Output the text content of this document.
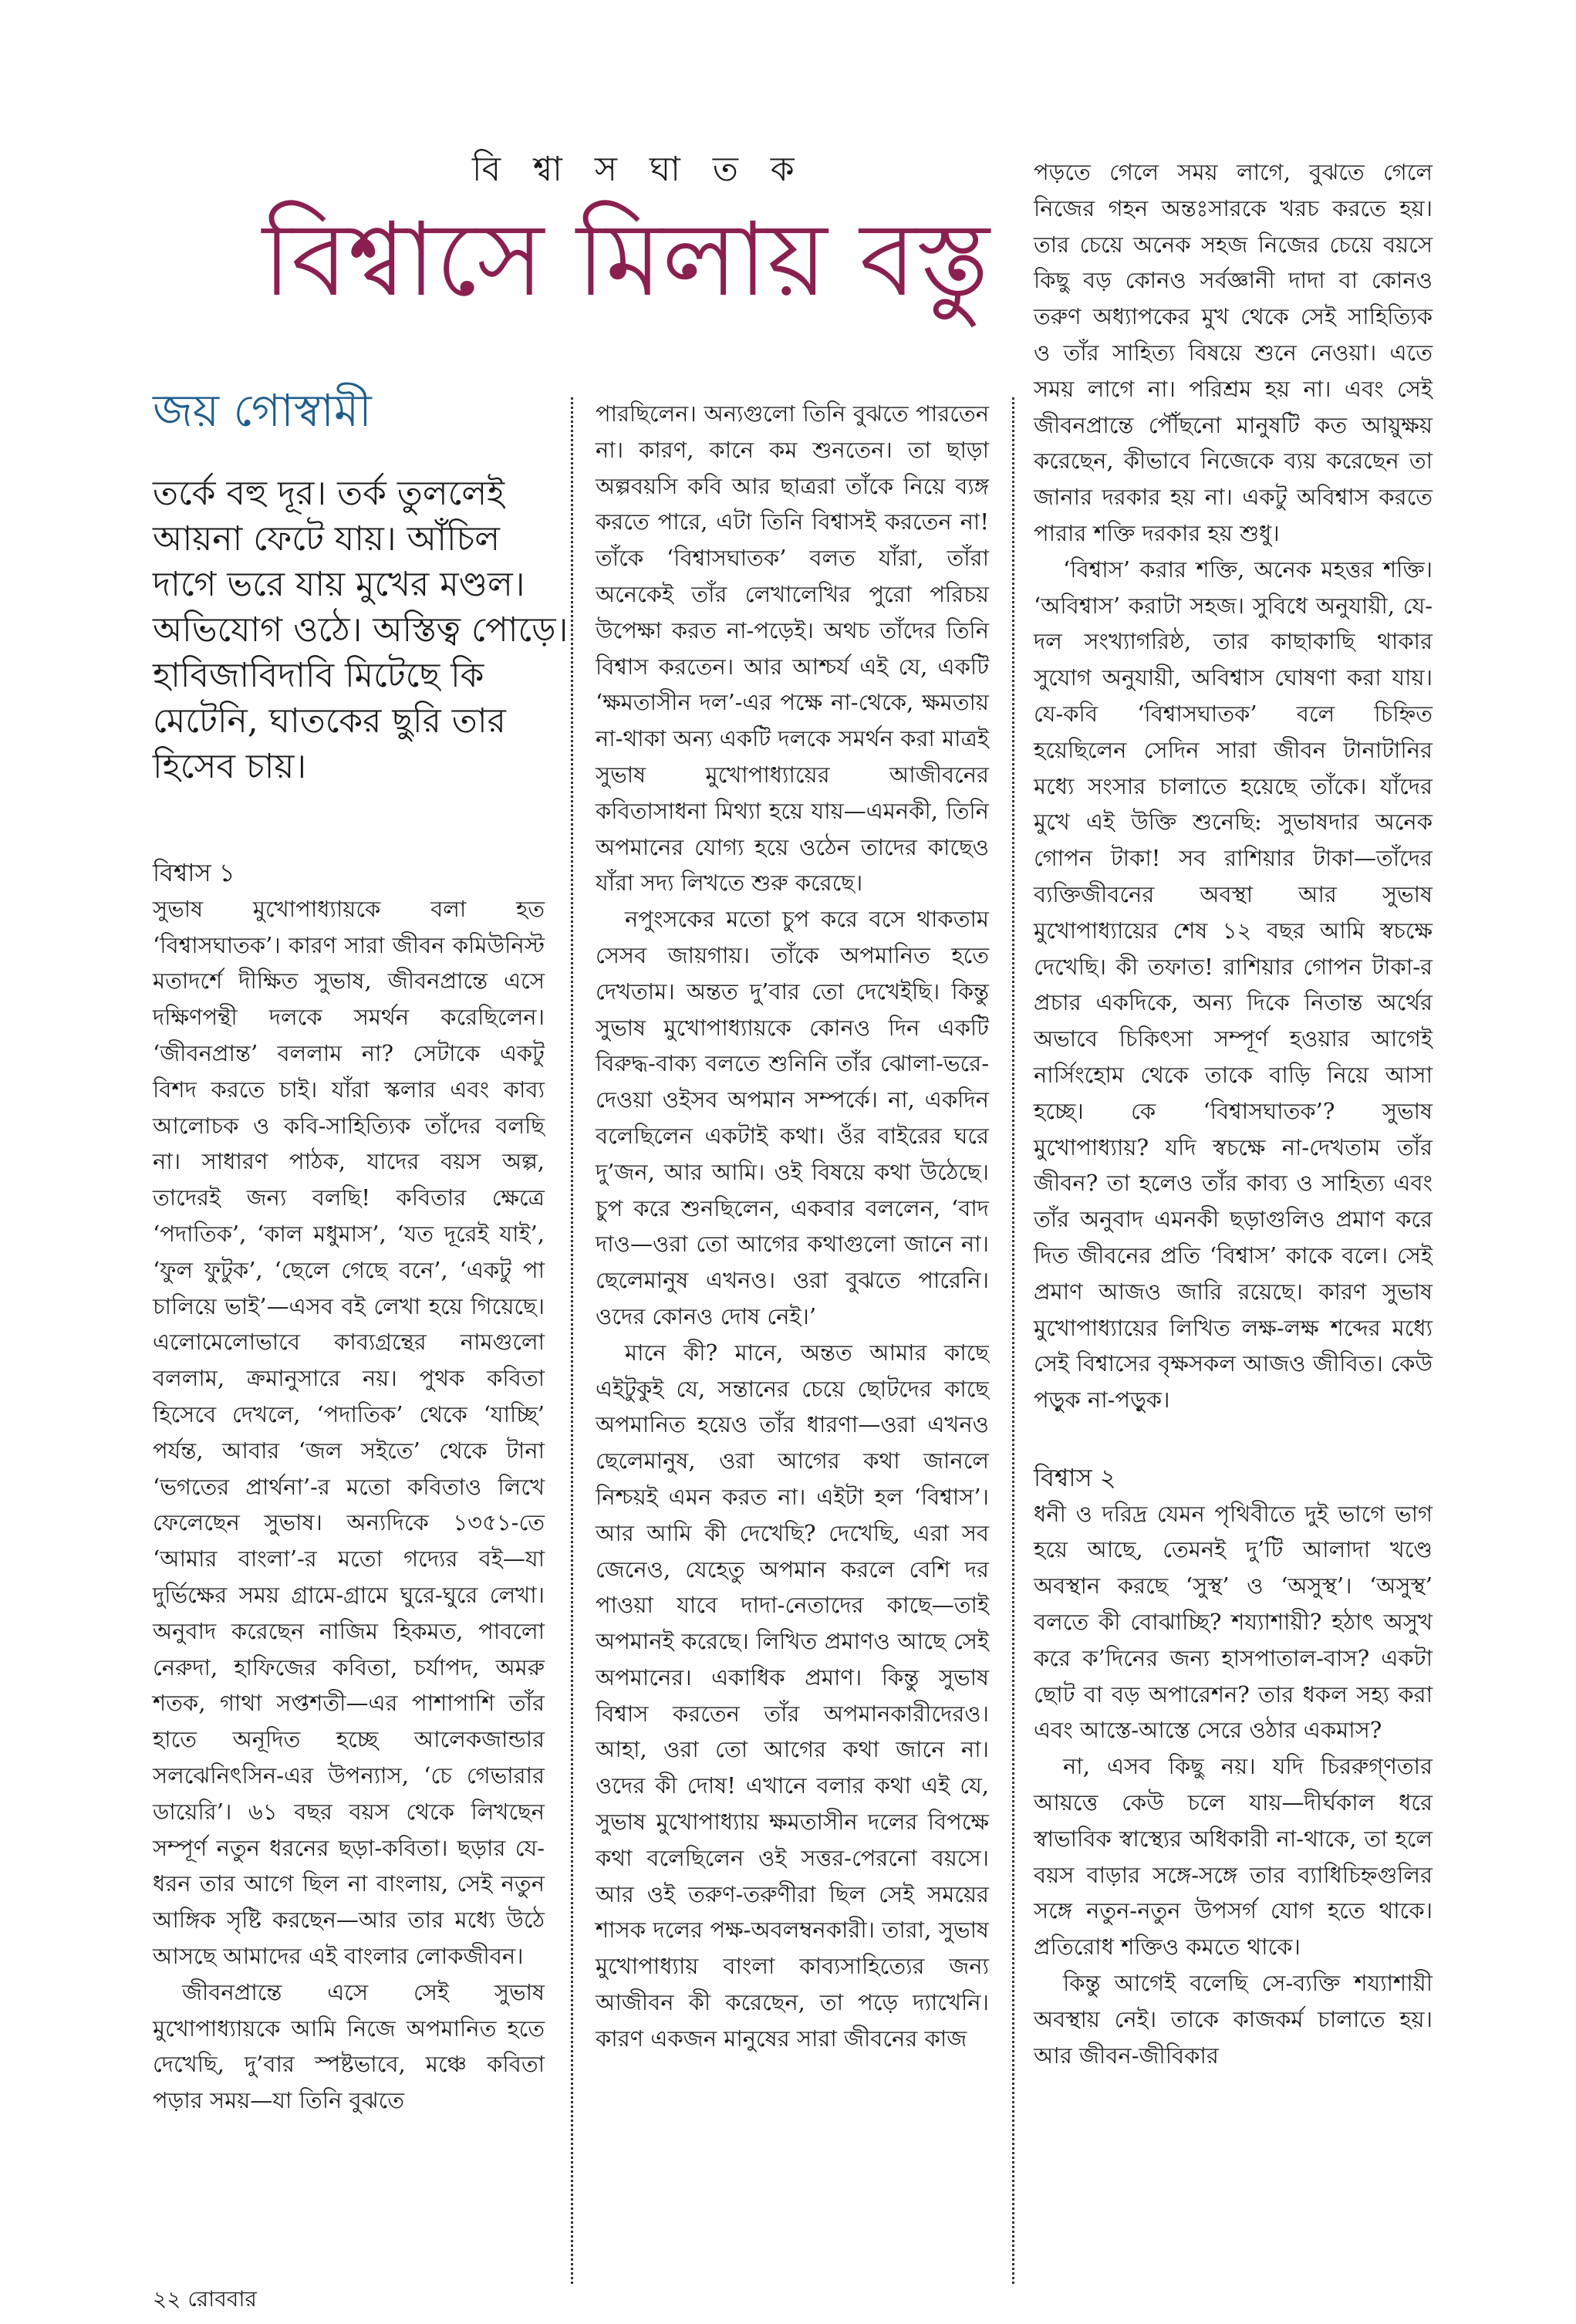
বি শ্বা স ঘা ত ক
বিশ্বাসে মিলায় বস্তু
জয় গোস্বামী

তর্কে বহু দূর। তর্ক তুললেই আয়না ফেটে যায়। আঁচিল দাগে ভরে যায় মুখের মণ্ডল। অভিযোগ ওঠে। অস্তিত্ব পোড়ে। হাবিজাবিদাবি মিটেছে কি মেটেনি, ঘাতকের ছুরি তার হিসেব চায়।

বিশ্বাস ১

সুভাষ মুখোপাধ্যায়কে বলা হত ‘বিশ্বাসঘাতক’। কারণ সারা জীবন কমিউনিস্ট মতাদর্শে দীক্ষিত সুভাষ, জীবনপ্রান্তে এসে দক্ষিণপন্থী দলকে সমর্থন করেছিলেন। ‘জীবনপ্রান্ত’ বললাম না? সেটাকে একটু বিশদ করতে চাই। যাঁরা স্কলার এবং কাব্য আলোচক ও কবি-সাহিত্যিক তাঁদের বলছি না। সাধারণ পাঠক, যাদের বয়স অল্প, তাদেরই জন্য বলছি! কবিতার ক্ষেত্রে ‘পদাতিক’, ‘কাল মধুমাস’, ‘যত দূরেই যাই’, ‘ফুল ফুটুক’, ‘ছেলে গেছে বনে’, ‘একটু পা চালিয়ে ভাই’—এসব বই লেখা হয়ে গিয়েছে। এলোমেলোভাবে কাব্যগ্রন্থের নামগুলো বললাম, ক্রমানুসারে নয়। পুথক কবিতা হিসেবে দেখলে, ‘পদাতিক’ থেকে ‘যাচ্ছি’ পর্যন্ত, আবার ‘জল সইতে’ থেকে টানা ‘ভগতের প্রার্থনা’-র মতো কবিতাও লিখে ফেলেছেন সুভাষ। অন্যদিকে ১৩৫১-তে ‘আমার বাংলা’-র মতো গদ্যের বই—যা দুর্ভিক্ষের সময় গ্রামে-গ্রামে ঘুরে-ঘুরে লেখা। অনুবাদ করেছেন নাজিম হিকমত, পাবলো নেরুদা, হাফিজের কবিতা, চর্যাপদ, অমরু শতক, গাথা সপ্তশতী—এর পাশাপাশি তাঁর হাতে অনূদিত হচ্ছে আলেকজান্ডার সলঝেনিৎসিন-এর উপন্যাস, ‘চে গেভারার ডায়েরি’। ৬১ বছর বয়স থেকে লিখছেন সম্পূর্ণ নতুন ধরনের ছড়া-কবিতা। ছড়ার যে-ধরন তার আগে ছিল না বাংলায়, সেই নতুন আঙ্গিক সৃষ্টি করছেন—আর তার মধ্যে উঠে আসছে আমাদের এই বাংলার লোকজীবন।

জীবনপ্রান্তে এসে সেই সুভাষ মুখোপাধ্যায়কে আমি নিজে অপমানিত হতে দেখেছি, দু’বার স্পষ্টভাবে, মঞ্চে কবিতা পড়ার সময়—যা তিনি বুঝতে

পারছিলেন। অন্যগুলো তিনি বুঝতে পারতেন না। কারণ, কানে কম শুনতেন। তা ছাড়া অল্পবয়সি কবি আর ছাত্ররা তাঁকে নিয়ে ব্যঙ্গ করতে পারে, এটা তিনি বিশ্বাসই করতেন না! তাঁকে ‘বিশ্বাসঘাতক’ বলত যাঁরা, তাঁরা অনেকেই তাঁর লেখালেখির পুরো পরিচয় উপেক্ষা করত না-পড়েই। অথচ তাঁদের তিনি বিশ্বাস করতেন। আর আশ্চর্য এই যে, একটি ‘ক্ষমতাসীন দল’-এর পক্ষে না-থেকে, ক্ষমতায় না-থাকা অন্য একটি দলকে সমর্থন করা মাত্রই সুভাষ মুখোপাধ্যায়ের আজীবনের কবিতাসাধনা মিথ্যা হয়ে যায়—এমনকী, তিনি অপমানের যোগ্য হয়ে ওঠেন তাদের কাছেও যাঁরা সদ্য লিখতে শুরু করেছে।

নপুংসকের মতো চুপ করে বসে থাকতাম সেসব জায়গায়। তাঁকে অপমানিত হতে দেখতাম। অন্তত দু’বার তো দেখেইছি। কিন্তু সুভাষ মুখোপাধ্যায়কে কোনও দিন একটি বিরুদ্ধ-বাক্য বলতে শুনিনি তাঁর ঝোলা-ভরে-দেওয়া ওইসব অপমান সম্পর্কে। না, একদিন বলেছিলেন একটাই কথা। ওঁর বাইরের ঘরে দু’জন, আর আমি। ওই বিষয়ে কথা উঠেছে। চুপ করে শুনছিলেন, একবার বললেন, ‘বাদ দাও—ওরা তো আগের কথাগুলো জানে না। ছেলেমানুষ এখনও। ওরা বুঝতে পারেনি। ওদের কোনও দোষ নেই।’

মানে কী? মানে, অন্তত আমার কাছে এইটুকুই যে, সন্তানের চেয়ে ছোটদের কাছে অপমানিত হয়েও তাঁর ধারণা—ওরা এখনও ছেলেমানুষ, ওরা আগের কথা জানলে নিশ্চয়ই এমন করত না। এইটা হল ‘বিশ্বাস’। আর আমি কী দেখেছি? দেখেছি, এরা সব জেনেও, যেহেতু অপমান করলে বেশি দর পাওয়া যাবে দাদা-নেতাদের কাছে—তাই অপমানই করেছে। লিখিত প্রমাণও আছে সেই অপমানের। একাধিক প্রমাণ। কিন্তু সুভাষ বিশ্বাস করতেন তাঁর অপমানকারীদেরও। আহা, ওরা তো আগের কথা জানে না। ওদের কী দোষ! এখানে বলার কথা এই যে, সুভাষ মুখোপাধ্যায় ক্ষমতাসীন দলের বিপক্ষে কথা বলেছিলেন ওই সত্তর-পেরনো বয়সে। আর ওই তরুণ-তরুণীরা ছিল সেই সময়ের শাসক দলের পক্ষ-অবলম্বনকারী। তারা, সুভাষ মুখোপাধ্যায় বাংলা কাব্যসাহিত্যের জন্য আজীবন কী করেছেন, তা পড়ে দ্যাখেনি। কারণ একজন মানুষের সারা জীবনের কাজ

পড়তে গেলে সময় লাগে, বুঝতে গেলে নিজের গহন অন্তঃসারকে খরচ করতে হয়। তার চেয়ে অনেক সহজ নিজের চেয়ে বয়সে কিছু বড় কোনও সর্বজ্ঞানী দাদা বা কোনও তরুণ অধ্যাপকের মুখ থেকে সেই সাহিত্যিক ও তাঁর সাহিত্য বিষয়ে শুনে নেওয়া। এতে সময় লাগে না। পরিশ্রম হয় না। এবং সেই জীবনপ্রান্তে পৌঁছনো মানুষটি কত আয়ুক্ষয় করেছেন, কীভাবে নিজেকে ব্যয় করেছেন তা জানার দরকার হয় না। একটু অবিশ্বাস করতে পারার শক্তি দরকার হয় শুধু।

‘বিশ্বাস’ করার শক্তি, অনেক মহত্তর শক্তি। ‘অবিশ্বাস’ করাটা সহজ। সুবিধে অনুযায়ী, যে-দল সংখ্যাগরিষ্ঠ, তার কাছাকাছি থাকার সুযোগ অনুযায়ী, অবিশ্বাস ঘোষণা করা যায়। যে-কবি ‘বিশ্বাসঘাতক’ বলে চিহ্নিত হয়েছিলেন সেদিন সারা জীবন টানাটানির মধ্যে সংসার চালাতে হয়েছে তাঁকে। যাঁদের মুখে এই উক্তি শুনেছি: সুভাষদার অনেক গোপন টাকা! সব রাশিয়ার টাকা—তাঁদের ব্যক্তিজীবনের অবস্থা আর সুভাষ মুখোপাধ্যায়ের শেষ ১২ বছর আমি স্বচক্ষে দেখেছি। কী তফাত! রাশিয়ার গোপন টাকা-র প্রচার একদিকে, অন্য দিকে নিতান্ত অর্থের অভাবে চিকিৎসা সম্পূর্ণ হওয়ার আগেই নার্সিংহোম থেকে তাকে বাড়ি নিয়ে আসা হচ্ছে। কে ‘বিশ্বাসঘাতক’? সুভাষ মুখোপাধ্যায়? যদি স্বচক্ষে না-দেখতাম তাঁর জীবন? তা হলেও তাঁর কাব্য ও সাহিত্য এবং তাঁর অনুবাদ এমনকী ছড়াগুলিও প্রমাণ করে দিত জীবনের প্রতি ‘বিশ্বাস’ কাকে বলে। সেই প্রমাণ আজও জারি রয়েছে। কারণ সুভাষ মুখোপাধ্যায়ের লিখিত লক্ষ-লক্ষ শব্দের মধ্যে সেই বিশ্বাসের বৃক্ষসকল আজও জীবিত। কেউ পড়ুক না-পড়ুক।

বিশ্বাস ২

ধনী ও দরিদ্র যেমন পৃথিবীতে দুই ভাগে ভাগ হয়ে আছে, তেমনই দু’টি আলাদা খণ্ডে অবস্থান করছে ‘সুস্থ’ ও ‘অসুস্থ’। ‘অসুস্থ’ বলতে কী বোঝাচ্ছি? শয্যাশায়ী? হঠাৎ অসুখ করে ক’দিনের জন্য হাসপাতাল-বাস? একটা ছোট বা বড় অপারেশন? তার ধকল সহ্য করা এবং আস্তে-আস্তে সেরে ওঠার একমাস?

না, এসব কিছু নয়। যদি চিররুগ্ণতার আয়ত্তে কেউ চলে যায়—দীর্ঘকাল ধরে স্বাভাবিক স্বাস্থ্যের অধিকারী না-থাকে, তা হলে বয়স বাড়ার সঙ্গে-সঙ্গে তার ব্যাধিচিহ্নগুলির সঙ্গে নতুন-নতুন উপসর্গ যোগ হতে থাকে। প্রতিরোধ শক্তিও কমতে থাকে।

কিন্তু আগেই বলেছি সে-ব্যক্তি শয্যাশায়ী অবস্থায় নেই। তাকে কাজকর্ম চালাতে হয়। আর জীবন-জীবিকার

২২ রোববার
